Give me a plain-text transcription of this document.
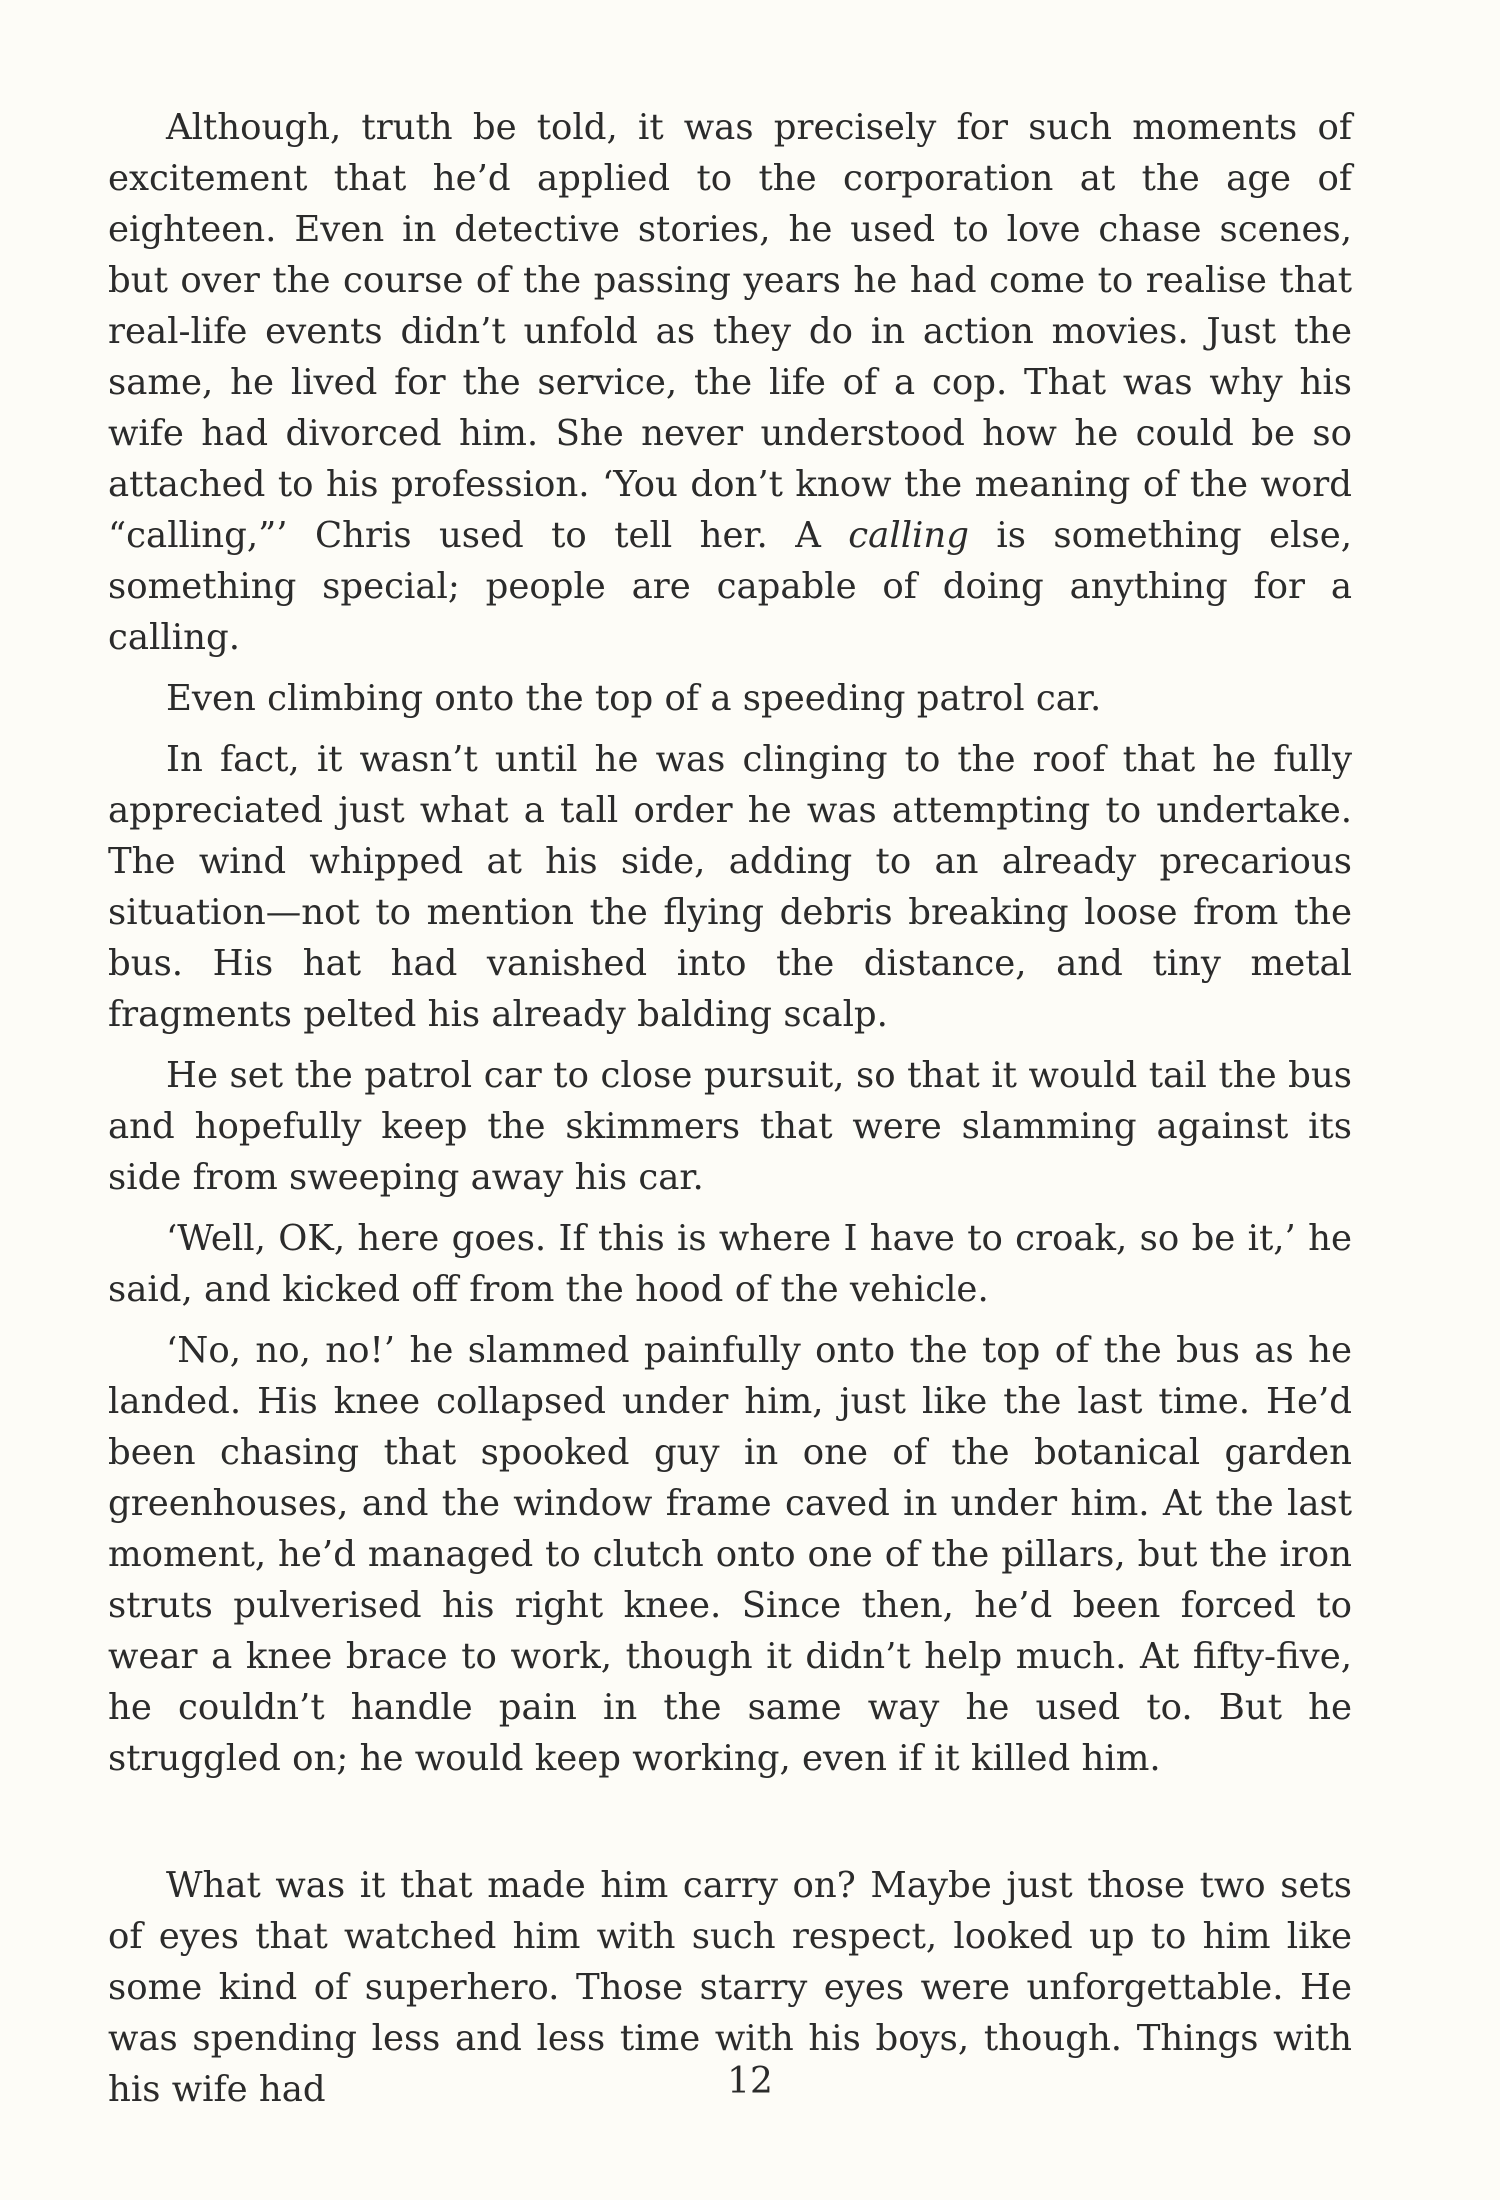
Although, truth be told, it was precisely for such moments of excitement that he’d applied to the corporation at the age of eighteen. Even in detective stories, he used to love chase scenes, but over the course of the passing years he had come to realise that real-life events didn’t unfold as they do in action movies. Just the same, he lived for the service, the life of a cop. That was why his wife had divorced him. She never understood how he could be so attached to his profession. ‘You don’t know the meaning of the word “calling,”’ Chris used to tell her. A calling is something else, something special; people are capable of doing anything for a calling.

Even climbing onto the top of a speeding patrol car.

In fact, it wasn’t until he was clinging to the roof that he fully appreciated just what a tall order he was attempting to undertake. The wind whipped at his side, adding to an already precarious situation—not to mention the flying debris breaking loose from the bus. His hat had vanished into the distance, and tiny metal fragments pelted his already balding scalp.

He set the patrol car to close pursuit, so that it would tail the bus and hopefully keep the skimmers that were slamming against its side from sweeping away his car.

‘Well, OK, here goes. If this is where I have to croak, so be it,’ he said, and kicked off from the hood of the vehicle.

‘No, no, no!’ he slammed painfully onto the top of the bus as he landed. His knee collapsed under him, just like the last time. He’d been chasing that spooked guy in one of the botanical garden greenhouses, and the window frame caved in under him. At the last moment, he’d managed to clutch onto one of the pillars, but the iron struts pulverised his right knee. Since then, he’d been forced to wear a knee brace to work, though it didn’t help much. At fifty-five, he couldn’t handle pain in the same way he used to. But he struggled on; he would keep working, even if it killed him.

What was it that made him carry on? Maybe just those two sets of eyes that watched him with such respect, looked up to him like some kind of superhero. Those starry eyes were unforgettable. He was spending less and less time with his boys, though. Things with his wife had	12
